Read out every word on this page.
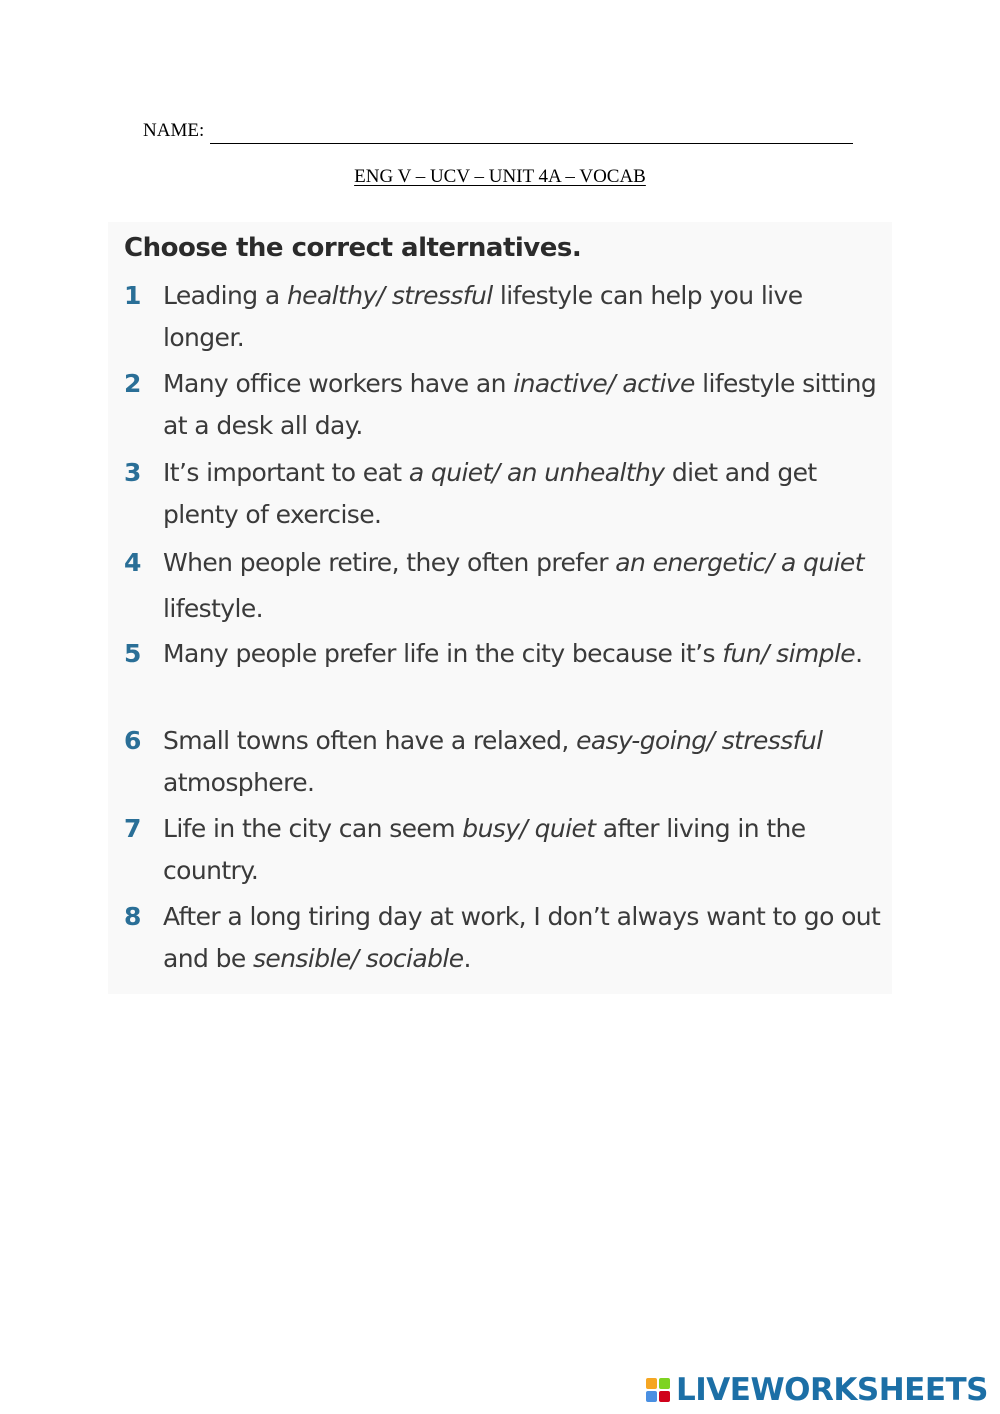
NAME:
ENG V – UCV – UNIT 4A – VOCAB
Choose the correct alternatives.
1 Leading a healthy/ stressful lifestyle can help you live longer.
2 Many office workers have an inactive/ active lifestyle sitting at a desk all day.
3 It’s important to eat a quiet/ an unhealthy diet and get plenty of exercise.
4 When people retire, they often prefer an energetic/ a quiet lifestyle.
5 Many people prefer life in the city because it’s fun/ simple.
6 Small towns often have a relaxed, easy-going/ stressful atmosphere.
7 Life in the city can seem busy/ quiet after living in the country.
8 After a long tiring day at work, I don’t always want to go out and be sensible/ sociable.
LIVEWORKSHEETS
